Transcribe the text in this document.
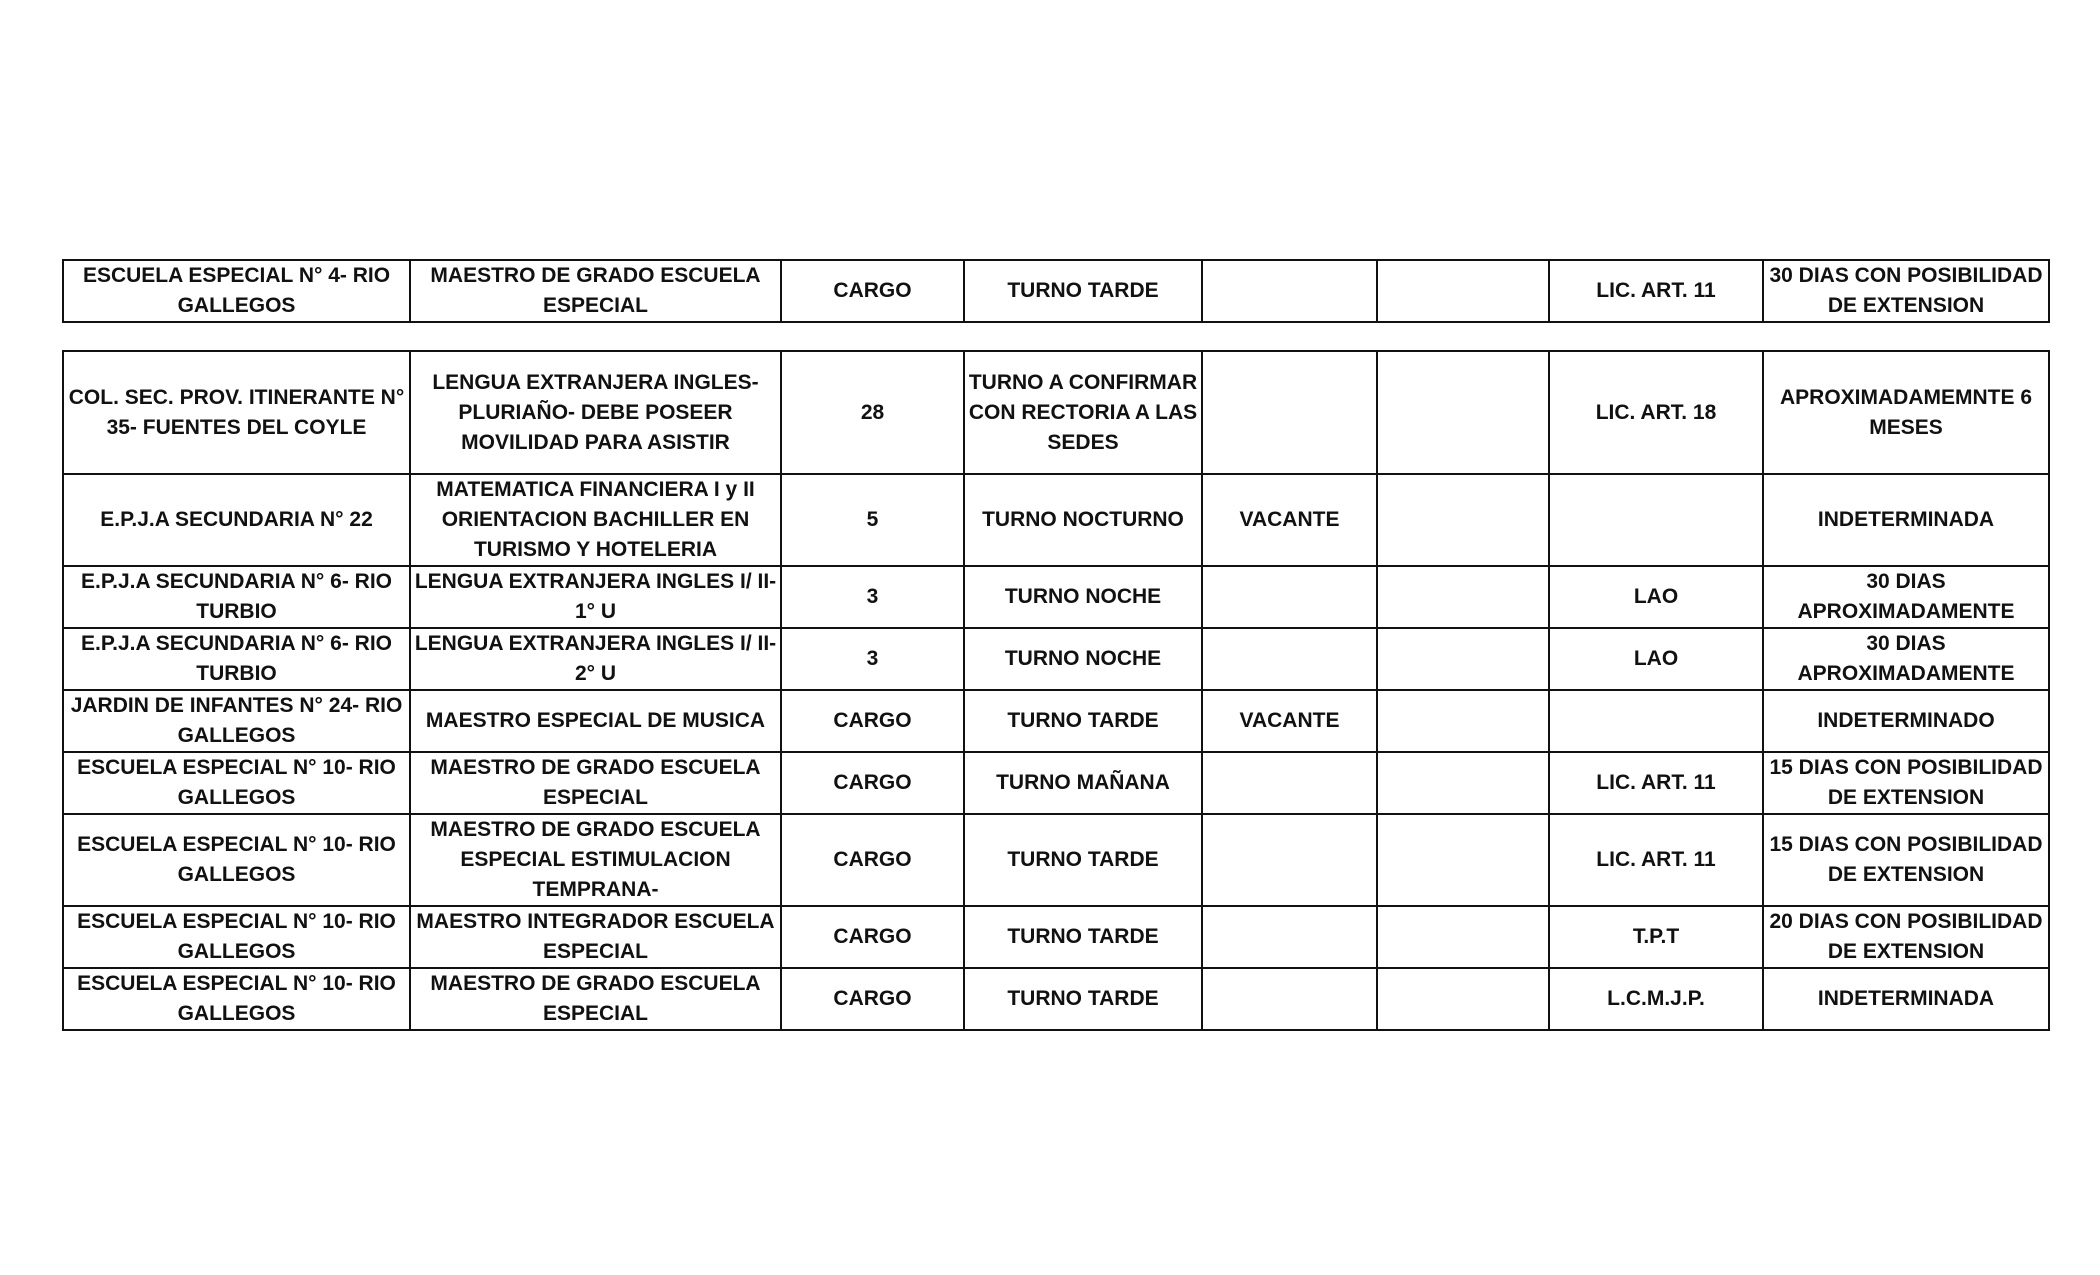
ESCUELA ESPECIAL N° 4- RIO GALLEGOS	MAESTRO DE GRADO ESCUELA ESPECIAL	CARGO	TURNO TARDE			LIC. ART. 11	30 DIAS CON POSIBILIDAD DE EXTENSION
COL. SEC. PROV. ITINERANTE N° 35- FUENTES DEL COYLE	LENGUA EXTRANJERA INGLES- PLURIAÑO- DEBE POSEER MOVILIDAD PARA ASISTIR	28	TURNO A CONFIRMAR CON RECTORIA A LAS SEDES			LIC. ART. 18	APROXIMADAMEMNTE 6 MESES
E.P.J.A SECUNDARIA N° 22	MATEMATICA FINANCIERA I y II ORIENTACION BACHILLER EN TURISMO Y HOTELERIA	5	TURNO NOCTURNO	VACANTE			INDETERMINADA
E.P.J.A SECUNDARIA N° 6- RIO TURBIO	LENGUA EXTRANJERA INGLES I/ II- 1° U	3	TURNO NOCHE			LAO	30 DIAS APROXIMADAMENTE
E.P.J.A SECUNDARIA N° 6- RIO TURBIO	LENGUA EXTRANJERA INGLES I/ II- 2° U	3	TURNO NOCHE			LAO	30 DIAS APROXIMADAMENTE
JARDIN DE INFANTES N° 24- RIO GALLEGOS	MAESTRO ESPECIAL DE MUSICA	CARGO	TURNO TARDE	VACANTE			INDETERMINADO
ESCUELA ESPECIAL N° 10- RIO GALLEGOS	MAESTRO DE GRADO ESCUELA ESPECIAL	CARGO	TURNO MAÑANA			LIC. ART. 11	15 DIAS CON POSIBILIDAD DE EXTENSION
ESCUELA ESPECIAL N° 10- RIO GALLEGOS	MAESTRO DE GRADO ESCUELA ESPECIAL ESTIMULACION TEMPRANA-	CARGO	TURNO TARDE			LIC. ART. 11	15 DIAS CON POSIBILIDAD DE EXTENSION
ESCUELA ESPECIAL N° 10- RIO GALLEGOS	MAESTRO INTEGRADOR ESCUELA ESPECIAL	CARGO	TURNO TARDE			T.P.T	20 DIAS CON POSIBILIDAD DE EXTENSION
ESCUELA ESPECIAL N° 10- RIO GALLEGOS	MAESTRO DE GRADO ESCUELA ESPECIAL	CARGO	TURNO TARDE			L.C.M.J.P.	INDETERMINADA
